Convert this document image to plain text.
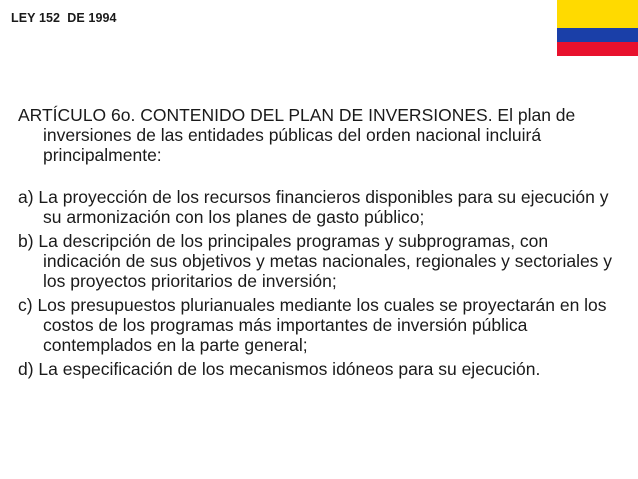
LEY 152  DE 1994

ARTÍCULO 6o. CONTENIDO DEL PLAN DE INVERSIONES. El plan de inversiones de las entidades públicas del orden nacional incluirá principalmente:

a) La proyección de los recursos financieros disponibles para su ejecución y su armonización con los planes de gasto público;

b) La descripción de los principales programas y subprogramas, con indicación de sus objetivos y metas nacionales, regionales y sectoriales y los proyectos prioritarios de inversión;

c) Los presupuestos plurianuales mediante los cuales se proyectarán en los costos de los programas más importantes de inversión pública contemplados en la parte general;

d) La especificación de los mecanismos idóneos para su ejecución.
